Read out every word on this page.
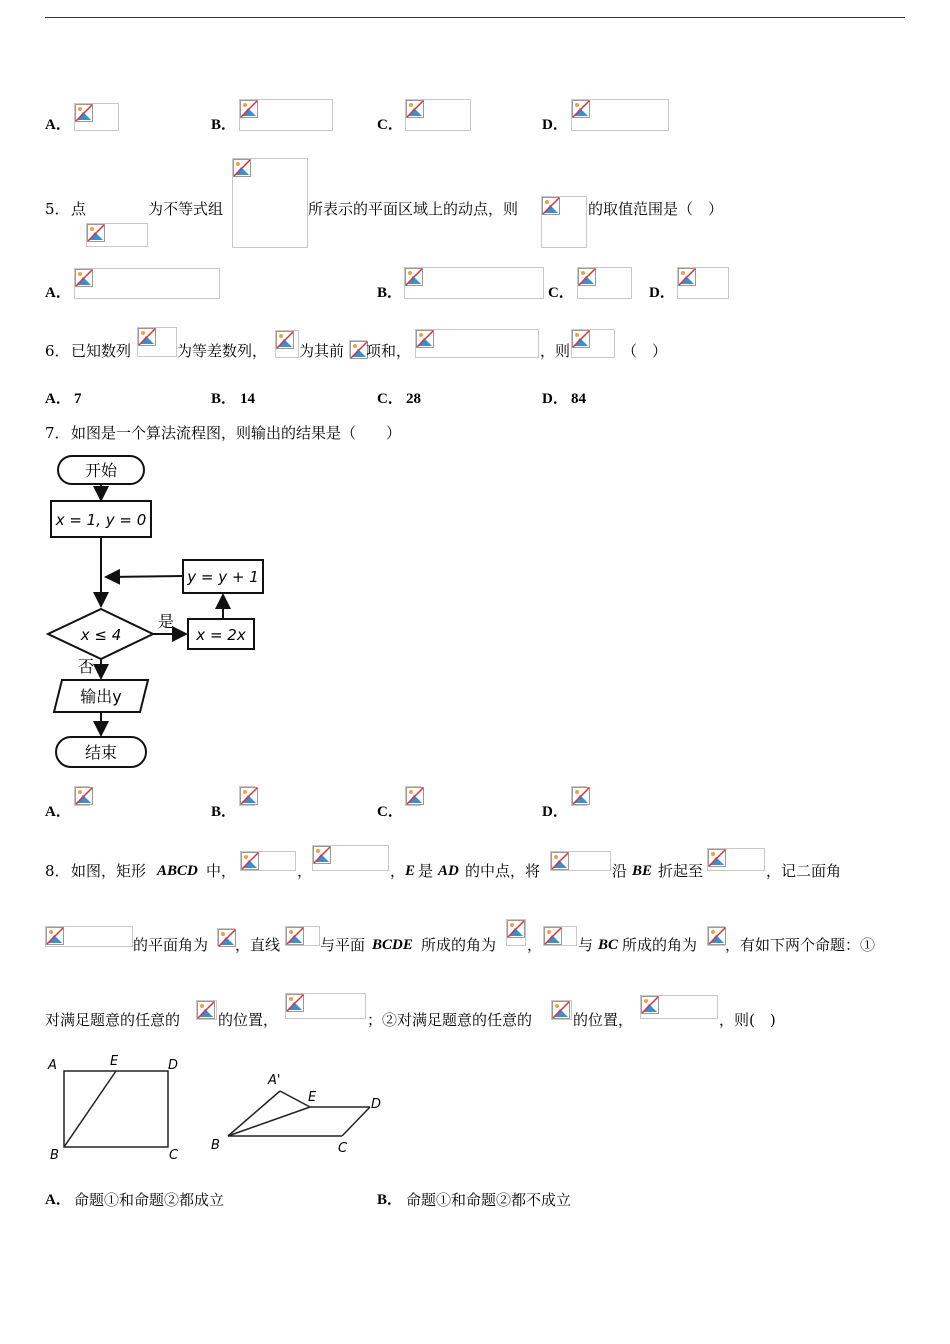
A．	B．	C．	D．
5． 点	为不等式组	所表示的平面区域上的动点，则	的取值范围是（　）
A．	B．	C．	D．
6． 已知数列	为等差数列， 为其前 项和，	，则	（　）
A． 7	B． 14	C． 28	D． 84
7． 如图是一个算法流程图，则输出的结果是（　　）
开始
x = 1, y = 0
y = y + 1
x ≤ 4
是
x = 2x
否
输出y
结束
A．	B．	C．	D．
8． 如图，矩形 ABCD 中，	，	， E 是 AD 的中点，将	沿 BE 折起至	，记二面角
的平面角为 ，直线	与平面 BCDE 所成的角为 ， 与 BC 所成的角为 ，有如下两个命题：①
对满足题意的任意的	的位置，	；②对满足题意的任意的	的位置，	，则(　)
A	E	D
B	C
A'
E	D
B	C
A． 命题①和命题②都成立	B． 命题①和命题②都不成立
